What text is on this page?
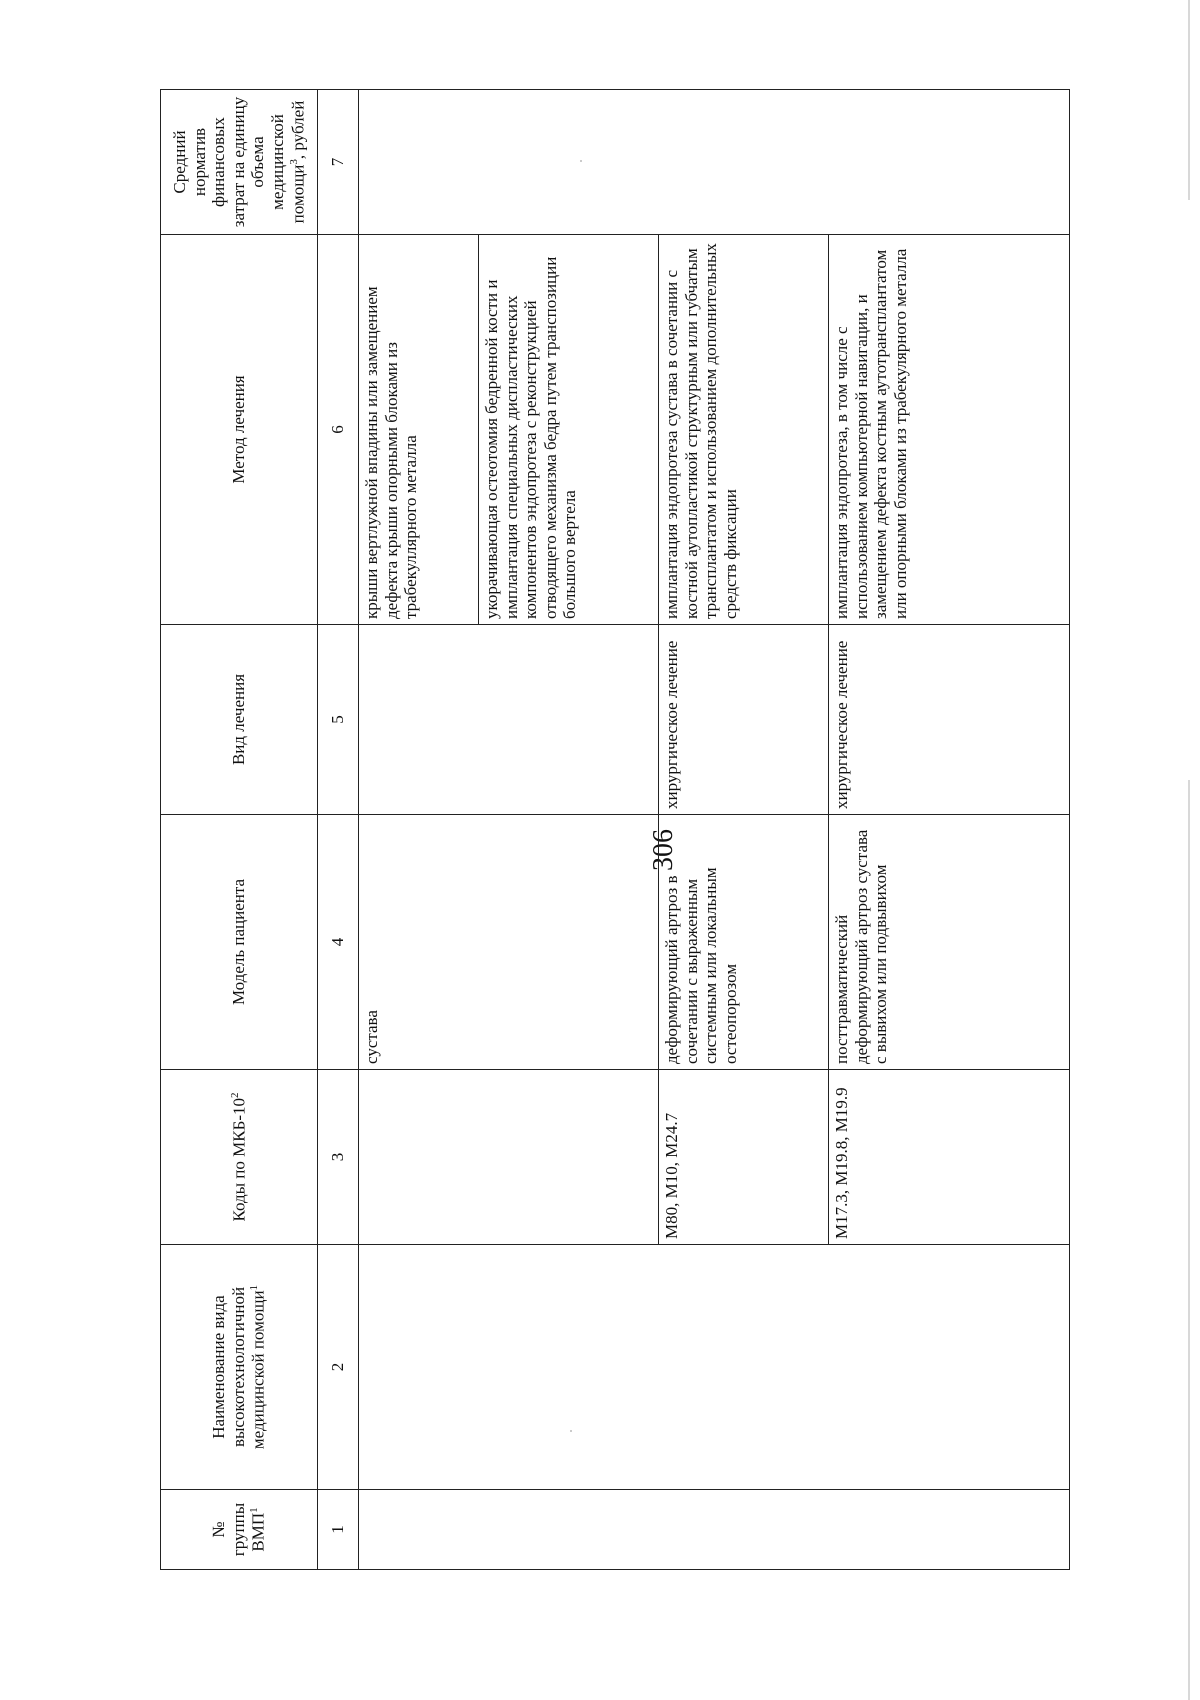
306
№ группы ВМП$^1$	Наименование вида высокотехнологичной медицинской помощи$^1$	Коды по МКБ-$10^2$	Модель пациента	Вид лечения	Метод лечения	Средний норматив финансовых затрат на единицу объема медицинской помощи$^3$, рублей
1	2	3	4	5	6	7
			сустава		крыши вертлужной впадины или замещением дефекта крыши опорными блоками из трабекуллярного металла	
					укорачивающая остеотомия бедренной кости и имплантация специальных диспластических компонентов эндопротеза с реконструкцией отводящего механизма бедра путем транспозиции большого вертела	
		M80, M10, M24.7	деформирующий артроз в сочетании с выраженным системным или локальным остеопорозом	хирургическое лечение	имплантация эндопротеза сустава в сочетании с костной аутопластикой структурным или губчатым трансплантатом и использованием дополнительных средств фиксации	
		M17.3, M19.8, M19.9	посттравматический деформирующий артроз сустава с вывихом или подвывихом	хирургическое лечение	имплантация эндопротеза, в том числе с использованием компьютерной навигации, и замещением дефекта костным аутотрансплантатом или опорными блоками из трабекулярного металла	
